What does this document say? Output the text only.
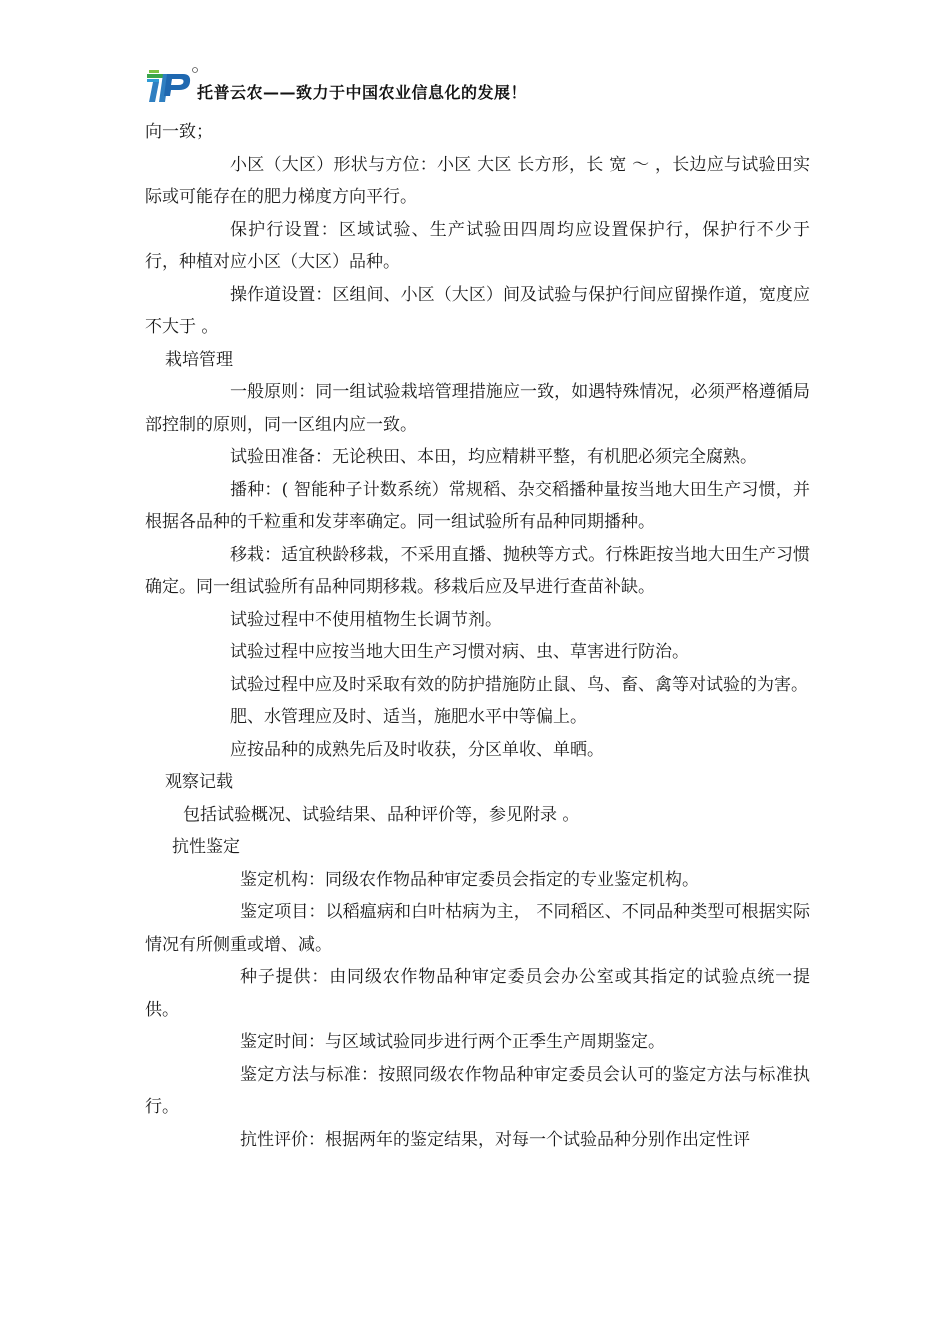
托普云农——致力于中国农业信息化的发展！

向一致；

小区（大区）形状与方位：小区 大区 长方形，长 宽 ～ ，长边应与试验田实际或可能存在的肥力梯度方向平行。

保护行设置：区域试验、生产试验田四周均应设置保护行，保护行不少于 行，种植对应小区（大区）品种。

操作道设置：区组间、小区（大区）间及试验与保护行间应留操作道，宽度应不大于 。

栽培管理

一般原则：同一组试验栽培管理措施应一致，如遇特殊情况，必须严格遵循局部控制的原则，同一区组内应一致。

试验田准备：无论秧田、本田，均应精耕平整，有机肥必须完全腐熟。

播种：( 智能种子计数系统）常规稻、杂交稻播种量按当地大田生产习惯，并根据各品种的千粒重和发芽率确定。同一组试验所有品种同期播种。

移栽：适宜秧龄移栽，不采用直播、抛秧等方式。行株距按当地大田生产习惯确定。同一组试验所有品种同期移栽。移栽后应及早进行查苗补缺。

试验过程中不使用植物生长调节剂。

试验过程中应按当地大田生产习惯对病、虫、草害进行防治。

试验过程中应及时采取有效的防护措施防止鼠、鸟、畜、禽等对试验的为害。

肥、水管理应及时、适当，施肥水平中等偏上。

应按品种的成熟先后及时收获，分区单收、单晒。

观察记载

包括试验概况、试验结果、品种评价等，参见附录 。

抗性鉴定

鉴定机构：同级农作物品种审定委员会指定的专业鉴定机构。

鉴定项目：以稻瘟病和白叶枯病为主， 不同稻区、不同品种类型可根据实际情况有所侧重或增、减。

种子提供：由同级农作物品种审定委员会办公室或其指定的试验点统一提供。

鉴定时间：与区域试验同步进行两个正季生产周期鉴定。

鉴定方法与标准：按照同级农作物品种审定委员会认可的鉴定方法与标准执行。

抗性评价：根据两年的鉴定结果，对每一个试验品种分别作出定性评
